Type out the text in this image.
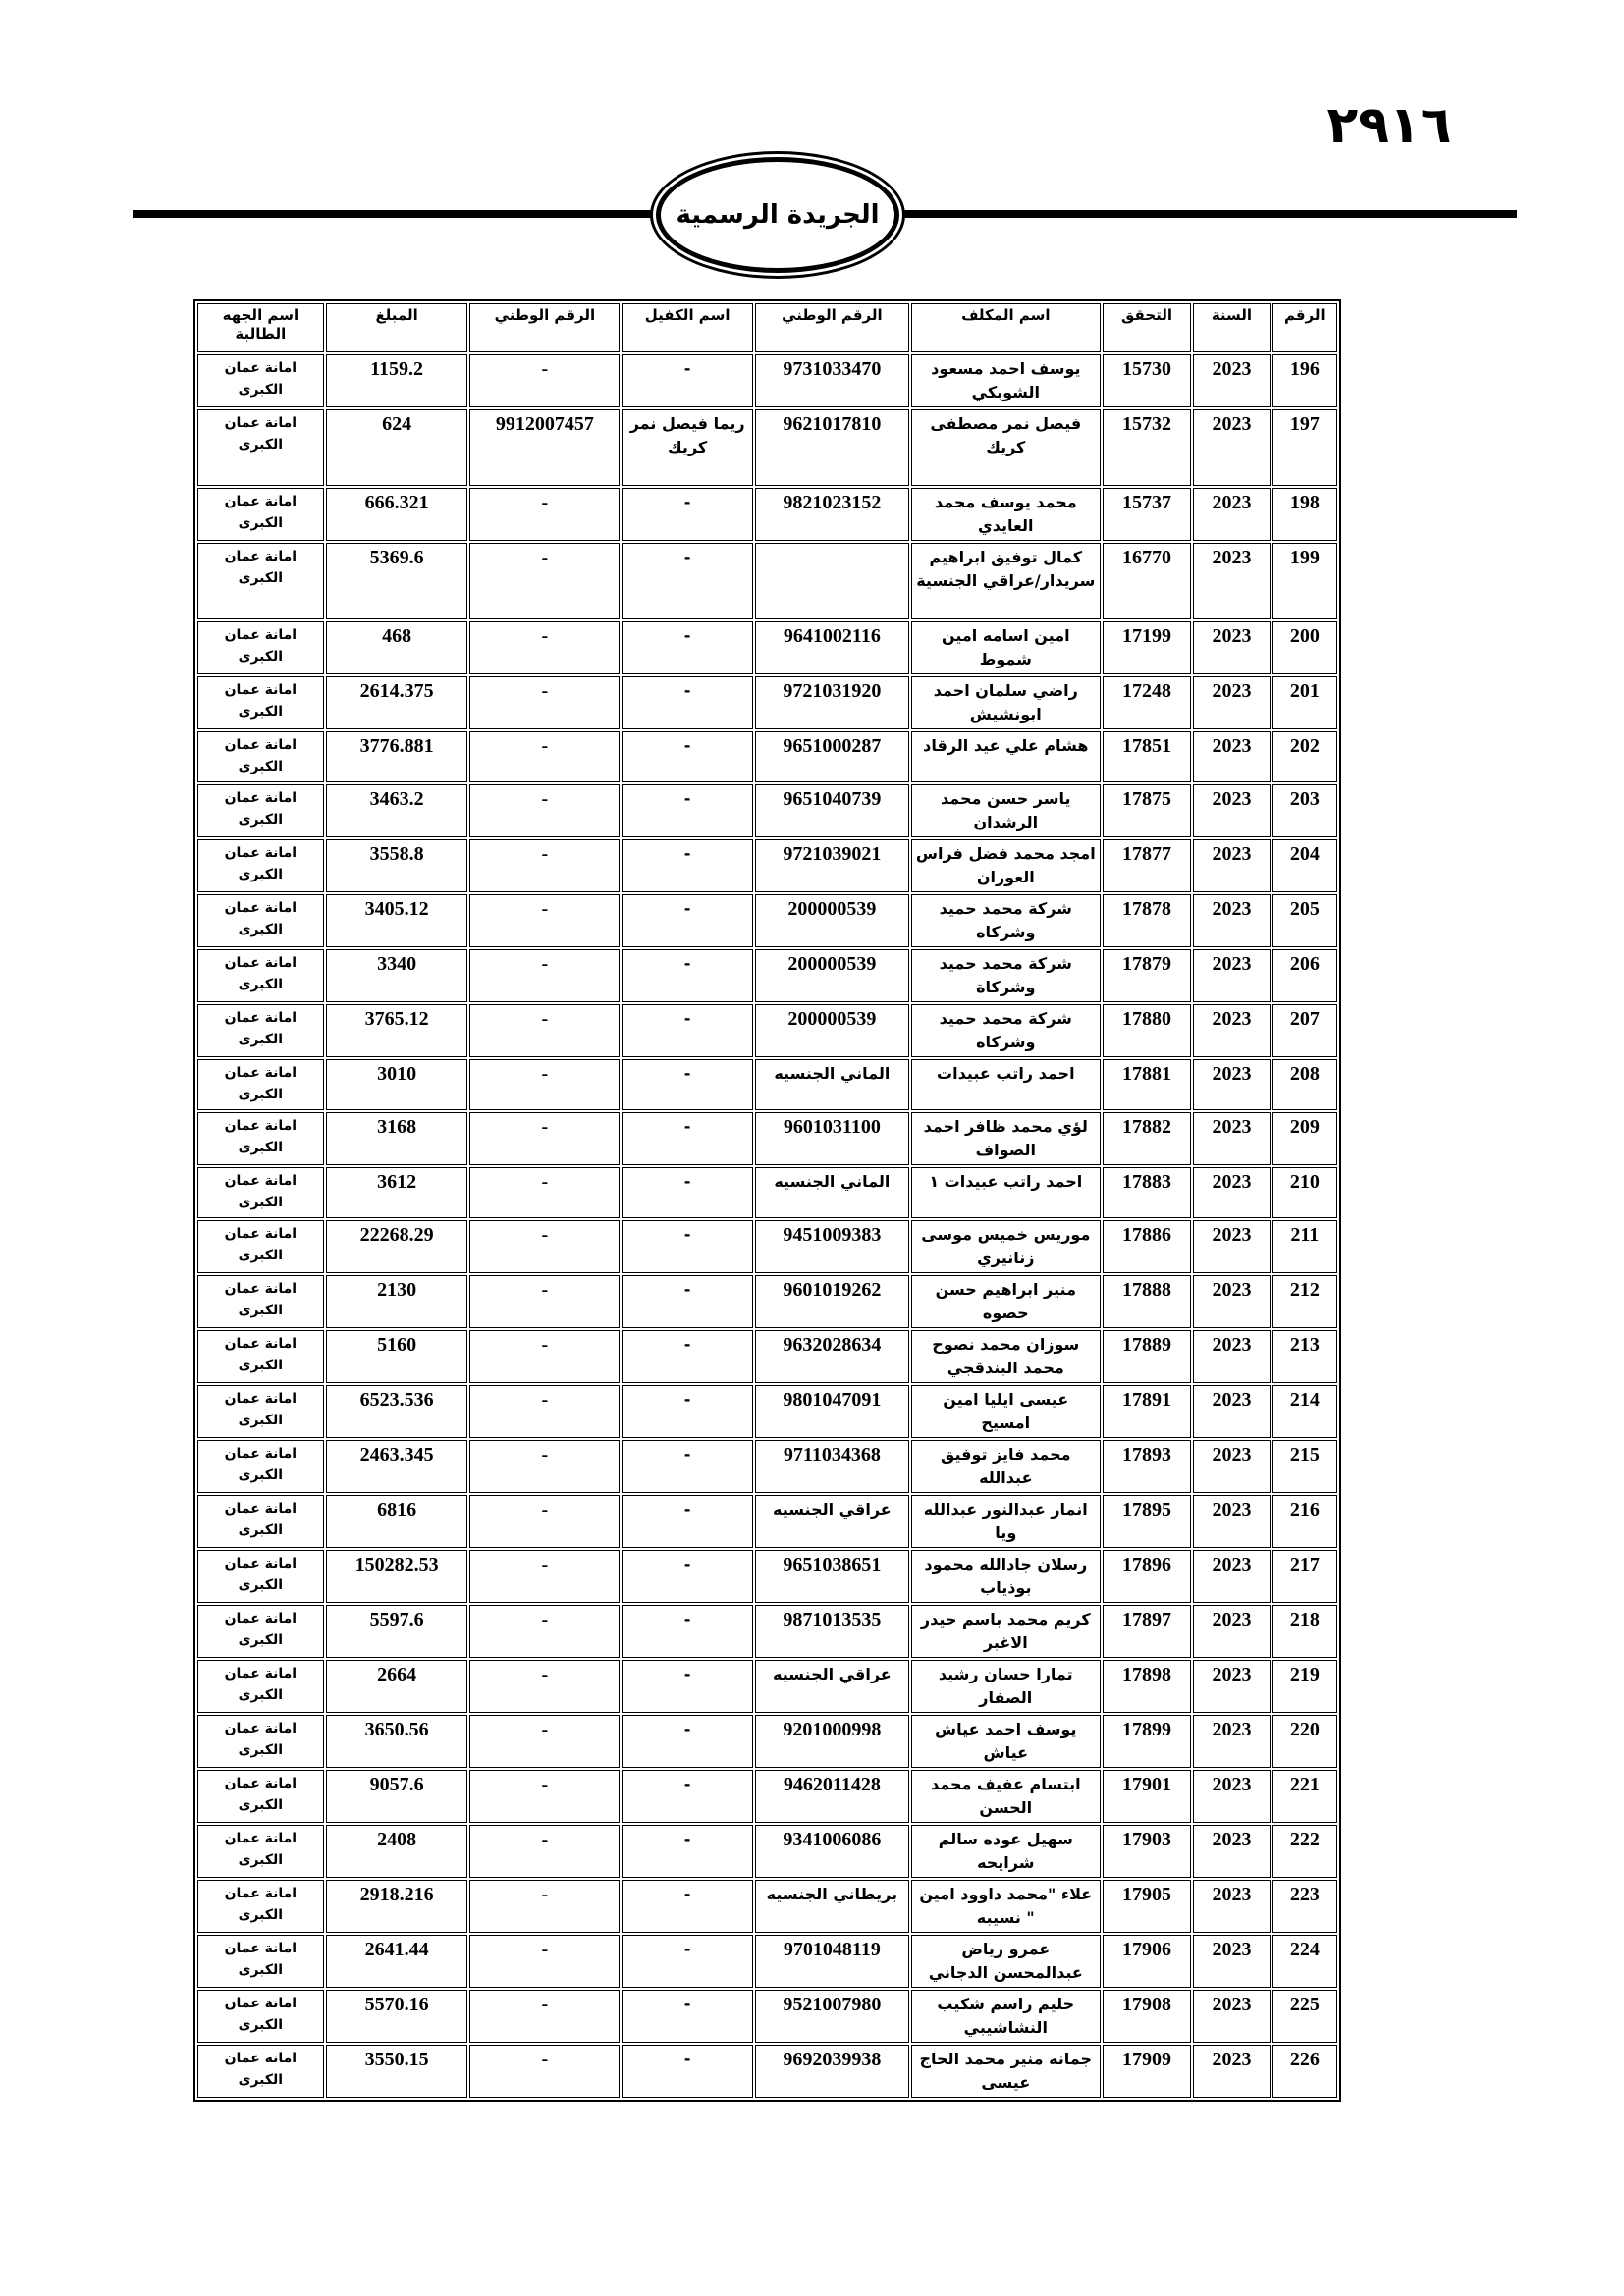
٢٩١٦
الجريدة الرسمية
الرقم	السنة	التحقق	اسم المكلف	الرقم الوطني	اسم الكفيل	الرقم الوطني	المبلغ	اسم الجهه الطالبة
196	2023	15730	يوسف احمد مسعود الشوبكي	9731033470	-	-	1159.2	امانة عمان الكبرى
197	2023	15732	فيصل نمر مصطفى كريك	9621017810	ريما فيصل نمر كريك	9912007457	624	امانة عمان الكبرى
198	2023	15737	محمد يوسف محمد العايدي	9821023152	-	-	666.321	امانة عمان الكبرى
199	2023	16770	كمال توفيق ابراهيم سريدار/عراقي الجنسية		-	-	5369.6	امانة عمان الكبرى
200	2023	17199	امين اسامه امين شموط	9641002116	-	-	468	امانة عمان الكبرى
201	2023	17248	راضي سلمان احمد ابونشيش	9721031920	-	-	2614.375	امانة عمان الكبرى
202	2023	17851	هشام علي عيد الرقاد	9651000287	-	-	3776.881	امانة عمان الكبرى
203	2023	17875	ياسر حسن محمد الرشدان	9651040739	-	-	3463.2	امانة عمان الكبرى
204	2023	17877	امجد محمد فضل فراس العوران	9721039021	-	-	3558.8	امانة عمان الكبرى
205	2023	17878	شركة محمد حميد وشركاه	200000539	-	-	3405.12	امانة عمان الكبرى
206	2023	17879	شركة محمد حميد وشركاة	200000539	-	-	3340	امانة عمان الكبرى
207	2023	17880	شركة محمد حميد وشركاه	200000539	-	-	3765.12	امانة عمان الكبرى
208	2023	17881	احمد راتب عبيدات	الماني الجنسيه	-	-	3010	امانة عمان الكبرى
209	2023	17882	لؤي محمد ظافر احمد الصواف	9601031100	-	-	3168	امانة عمان الكبرى
210	2023	17883	احمد راتب عبيدات ١	الماني الجنسيه	-	-	3612	امانة عمان الكبرى
211	2023	17886	موريس خميس موسى زنانيري	9451009383	-	-	22268.29	امانة عمان الكبرى
212	2023	17888	منير ابراهيم حسن حصوه	9601019262	-	-	2130	امانة عمان الكبرى
213	2023	17889	سوزان محمد نصوح محمد البندقجي	9632028634	-	-	5160	امانة عمان الكبرى
214	2023	17891	عيسى ايليا امين امسيح	9801047091	-	-	6523.536	امانة عمان الكبرى
215	2023	17893	محمد فايز توفيق عبدالله	9711034368	-	-	2463.345	امانة عمان الكبرى
216	2023	17895	انمار عبدالنور عبدالله ويا	عراقي الجنسيه	-	-	6816	امانة عمان الكبرى
217	2023	17896	رسلان جادالله محمود بوذياب	9651038651	-	-	150282.53	امانة عمان الكبرى
218	2023	17897	كريم محمد باسم حيدر الاغبر	9871013535	-	-	5597.6	امانة عمان الكبرى
219	2023	17898	تمارا حسان رشيد الصفار	عراقي الجنسيه	-	-	2664	امانة عمان الكبرى
220	2023	17899	يوسف احمد عياش عياش	9201000998	-	-	3650.56	امانة عمان الكبرى
221	2023	17901	ابتسام عفيف محمد الحسن	9462011428	-	-	9057.6	امانة عمان الكبرى
222	2023	17903	سهيل عوده سالم شرايحه	9341006086	-	-	2408	امانة عمان الكبرى
223	2023	17905	علاء "محمد داوود امين " نسيبه	بريطاني الجنسيه	-	-	2918.216	امانة عمان الكبرى
224	2023	17906	عمرو رياض عبدالمحسن الدجاني	9701048119	-	-	2641.44	امانة عمان الكبرى
225	2023	17908	حليم راسم شكيب النشاشيبي	9521007980	-	-	5570.16	امانة عمان الكبرى
226	2023	17909	جمانه منير محمد الحاج عيسى	9692039938	-	-	3550.15	امانة عمان الكبرى
